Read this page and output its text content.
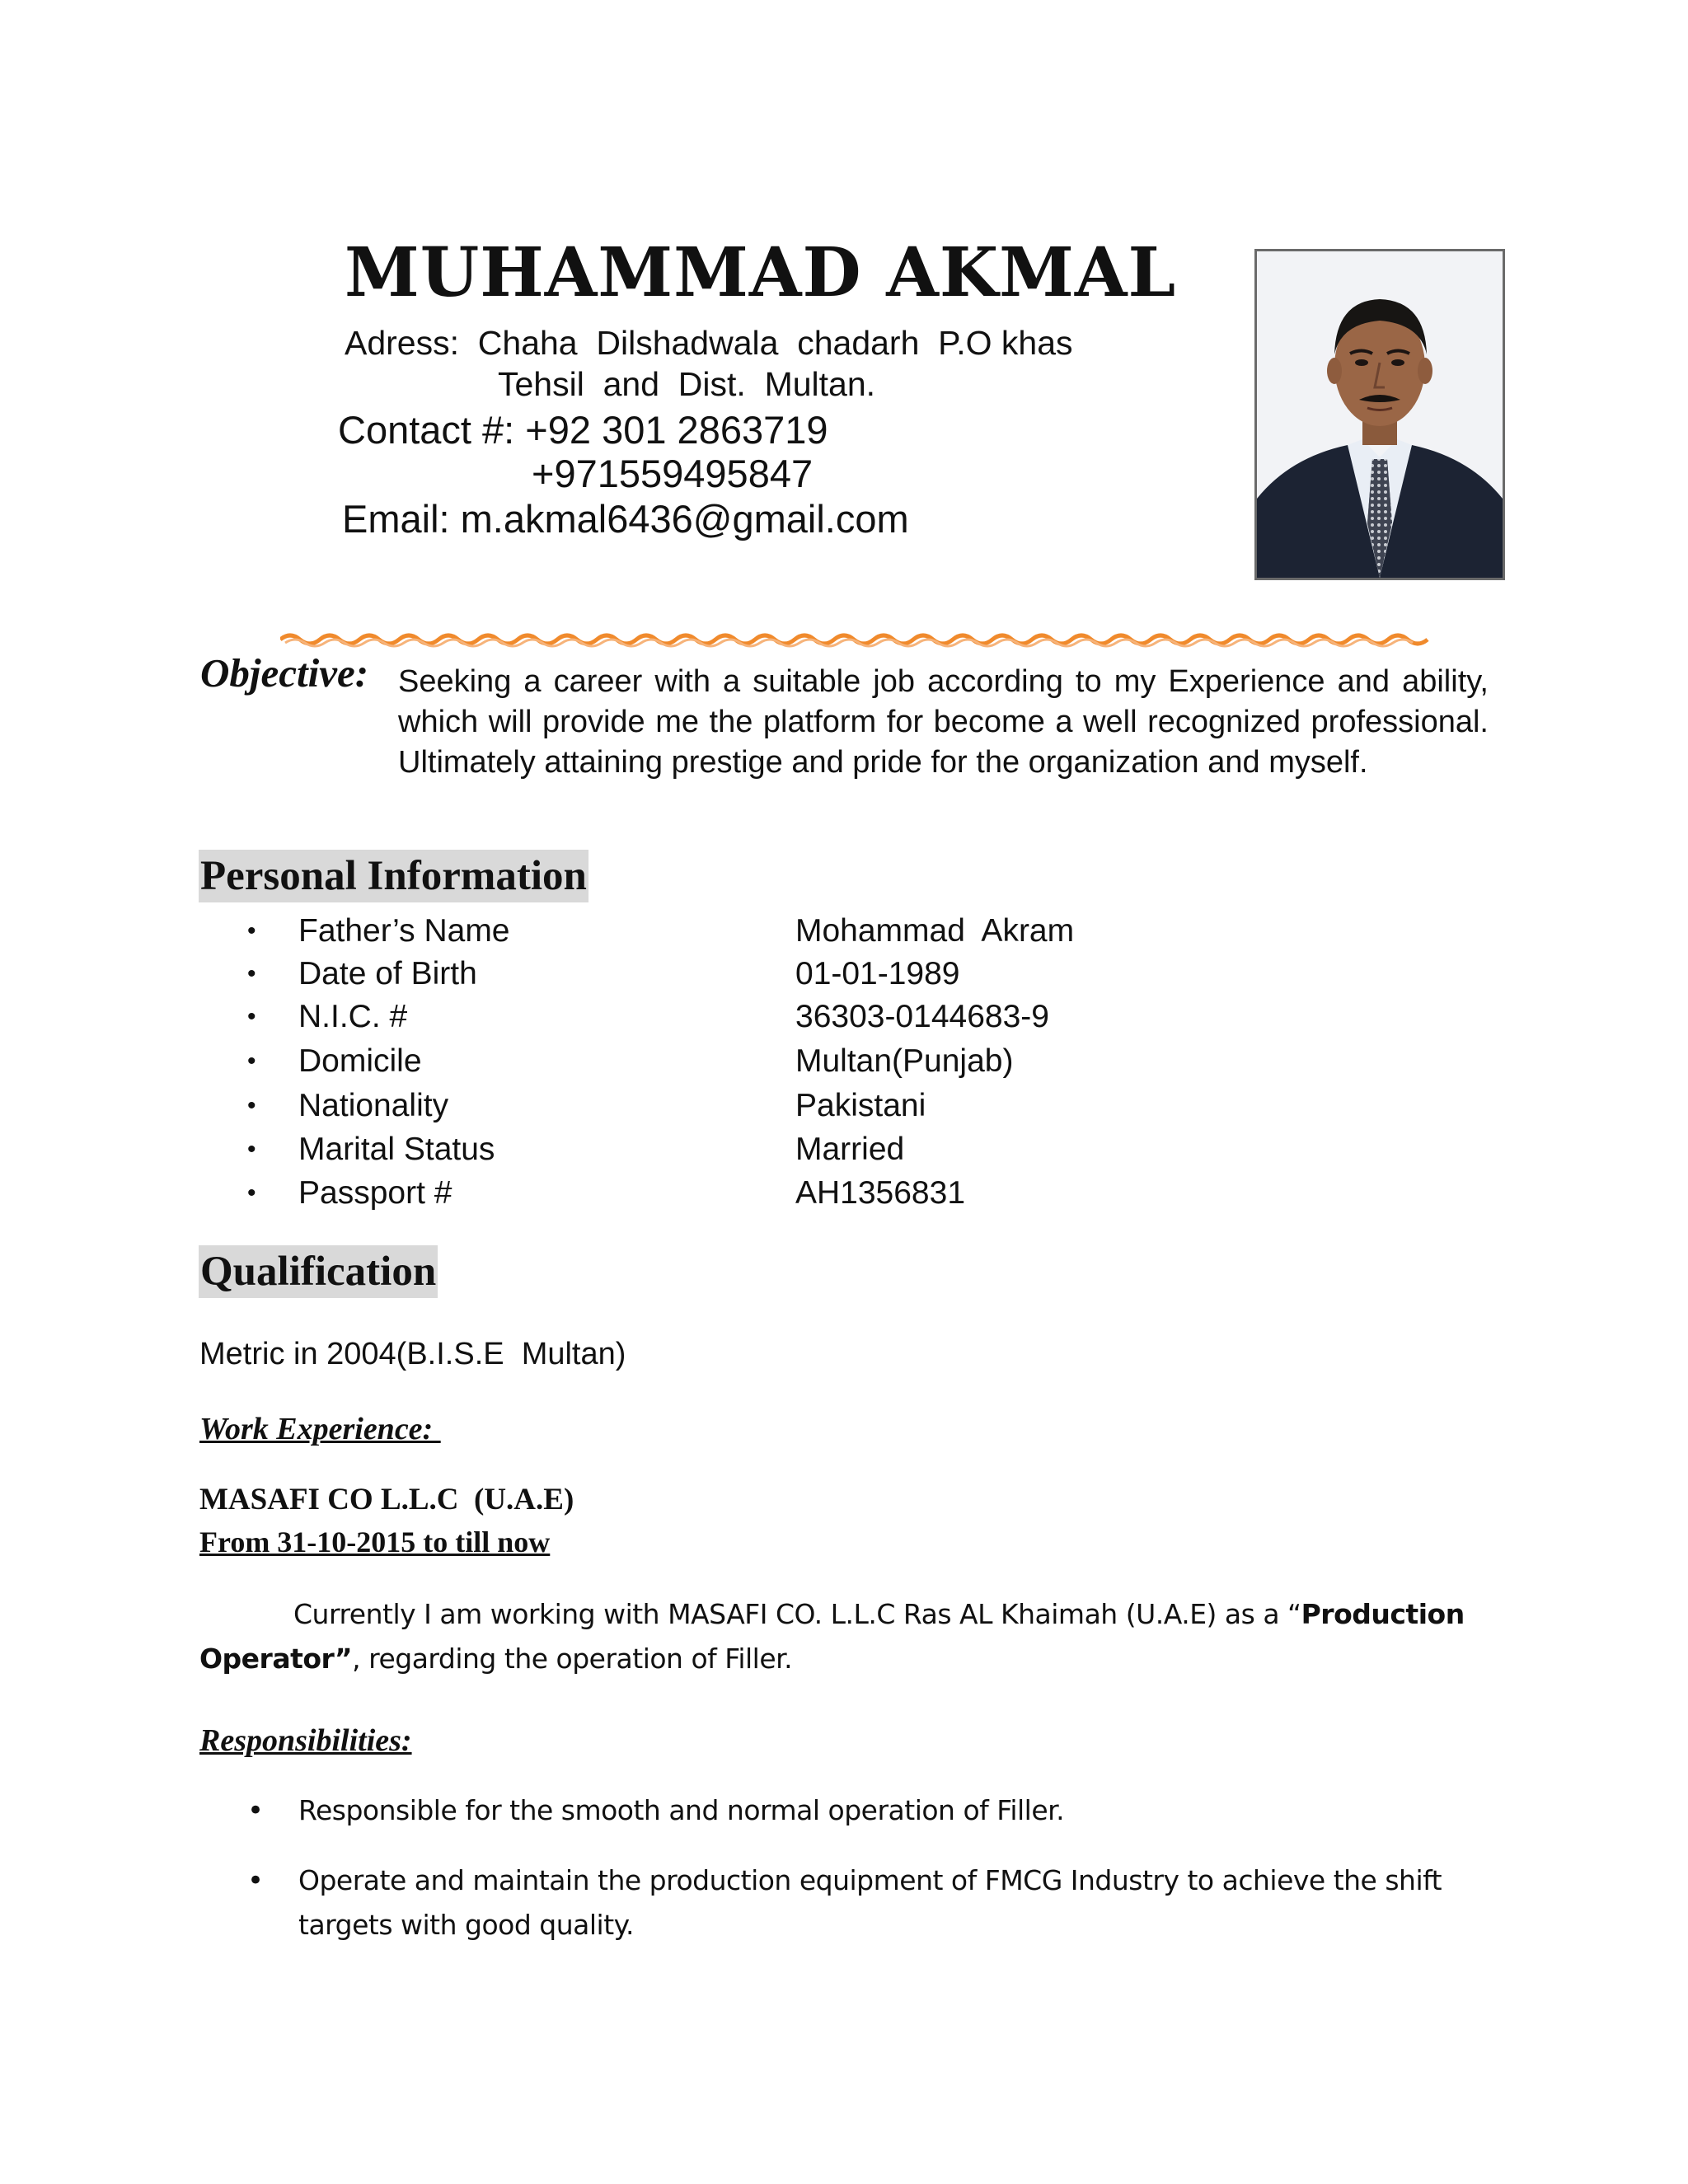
MUHAMMAD AKMAL
Adress:  Chaha  Dilshadwala  chadarh  P.O khas
Tehsil  and  Dist.  Multan.
Contact #: +92 301 2863719
+971559495847
Email: m.akmal6436@gmail.com
Objective: Seeking a career with a suitable job according to my Experience and ability, which will provide me the platform for become a well recognized professional. Ultimately attaining prestige and pride for the organization and myself.
Personal Information
• Father’s Name	Mohammad  Akram
• Date of Birth	01-01-1989
• N.I.C. #	36303-0144683-9
• Domicile	Multan(Punjab)
• Nationality	Pakistani
• Marital Status	Married
• Passport #	AH1356831
Qualification
Metric in 2004(B.I.S.E  Multan)
Work Experience:
MASAFI CO L.L.C  (U.A.E)
From 31-10-2015 to till now
Currently I am working with MASAFI CO. L.L.C Ras AL Khaimah (U.A.E) as a “Production Operator”, regarding the operation of Filler.
Responsibilities:
• Responsible for the smooth and normal operation of Filler.
• Operate and maintain the production equipment of FMCG Industry to achieve the shift targets with good quality.
